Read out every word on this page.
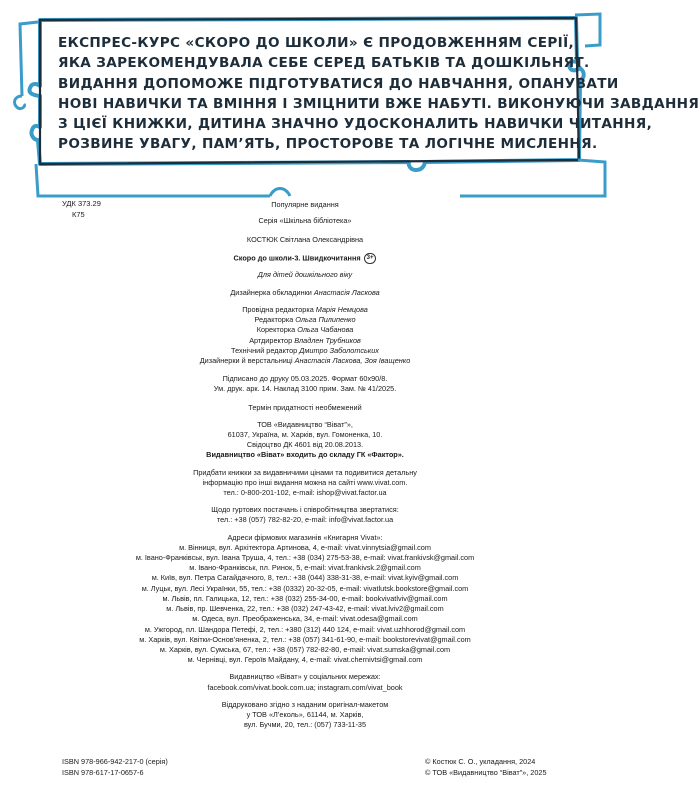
ЕКСПРЕС-КУРС «СКОРО ДО ШКОЛИ» Є ПРОДОВЖЕННЯМ СЕРІЇ,
ЯКА ЗАРЕКОМЕНДУВАЛА СЕБЕ СЕРЕД БАТЬКІВ ТА ДОШКІЛЬНЯТ.
ВИДАННЯ ДОПОМОЖЕ ПІДГОТУВАТИСЯ ДО НАВЧАННЯ, ОПАНУВАТИ
НОВІ НАВИЧКИ ТА ВМІННЯ І ЗМІЦНИТИ ВЖЕ НАБУТІ. ВИКОНУЮЧИ ЗАВДАННЯ
З ЦІЄЇ КНИЖКИ, ДИТИНА ЗНАЧНО УДОСКОНАЛИТЬ НАВИЧКИ ЧИТАННЯ,
РОЗВИНЕ УВАГУ, ПАМ’ЯТЬ, ПРОСТОРОВЕ ТА ЛОГІЧНЕ МИСЛЕННЯ.
УДК 373.29
К75
Популярне видання
Серія «Шкільна бібліотека»
КОСТЮК Світлана Олександрівна
Скоро до школи-3. Швидкочитання 3+
Для дітей дошкільного віку
Дизайнерка обкладинки Анастасія Ласкова
Провідна редакторка Марія Немцова
Редакторка Ольга Пилипенко
Коректорка Ольга Чабанова
Артдиректор Владлен Трубников
Технічний редактор Дмитро Заболотських
Дизайнерки й верстальниці Анастасія Ласкова, Зоя Іващенко
Підписано до друку 05.03.2025. Формат 60х90/8.
Ум. друк. арк. 14. Наклад 3100 прим. Зам. № 41/2025.
Термін придатності необмежений
ТОВ «Видавництво “Віват”»,
61037, Україна, м. Харків, вул. Гомоненка, 10.
Свідоцтво ДК 4601 від 20.08.2013.
Видавництво «Віват» входить до складу ГК «Фактор».
Придбати книжки за видавничими цінами та подивитися детальну
інформацію про інші видання можна на сайті www.vivat.com.
тел.: 0-800-201-102, e-mail: ishop@vivat.factor.ua
Щодо гуртових постачань і співробітництва звертатися:
тел.: +38 (057) 782-82-20, e-mail: info@vivat.factor.ua
Адреси фірмових магазинів «Книгарня Vivat»:
м. Вінниця, вул. Архітектора Артинова, 4, e-mail: vivat.vinnytsia@gmail.com
м. Івано-Франківськ, вул. Івана Труша, 4, тел.: +38 (034) 275-53-38, e-mail: vivat.frankivsk@gmail.com
м. Івано-Франківськ, пл. Ринок, 5, e-mail: vivat.frankivsk.2@gmail.com
м. Київ, вул. Петра Сагайдачного, 8, тел.: +38 (044) 338-31-38, e-mail: vivat.kyiv@gmail.com
м. Луцьк, вул. Лесі Українки, 55, тел.: +38 (0332) 20-32-05, e-mail: vivatlutsk.bookstore@gmail.com
м. Львів, пл. Галицька, 12, тел.: +38 (032) 255-34-00, e-mail: bookvivatlviv@gmail.com
м. Львів, пр. Шевченка, 22, тел.: +38 (032) 247-43-42, e-mail: vivat.lviv2@gmail.com
м. Одеса, вул. Преображенська, 34, e-mail: vivat.odesa@gmail.com
м. Ужгород, пл. Шандора Петефі, 2, тел.: +380 (312) 440 124, e-mail: vivat.uzhhorod@gmail.com
м. Харків, вул. Квітки-Основ’яненка, 2, тел.: +38 (057) 341-61-90, e-mail: bookstorevivat@gmail.com
м. Харків, вул. Сумська, 67, тел.: +38 (057) 782-82-80, e-mail: vivat.sumska@gmail.com
м. Чернівці, вул. Героїв Майдану, 4, e-mail: vivat.chernivtsi@gmail.com
Видавництво «Віват» у соціальних мережах:
facebook.com/vivat.book.com.ua; instagram.com/vivat_book
Віддруковано згідно з наданим оригінал-макетом
у ТОВ «Л’еколь», 61144, м. Харків,
вул. Бучми, 20, тел.: (057) 733-11-35
ISBN 978-966-942-217-0 (серія)
ISBN 978-617-17-0657-6
© Костюк С. О., укладання, 2024
© ТОВ «Видавництво “Віват”», 2025
